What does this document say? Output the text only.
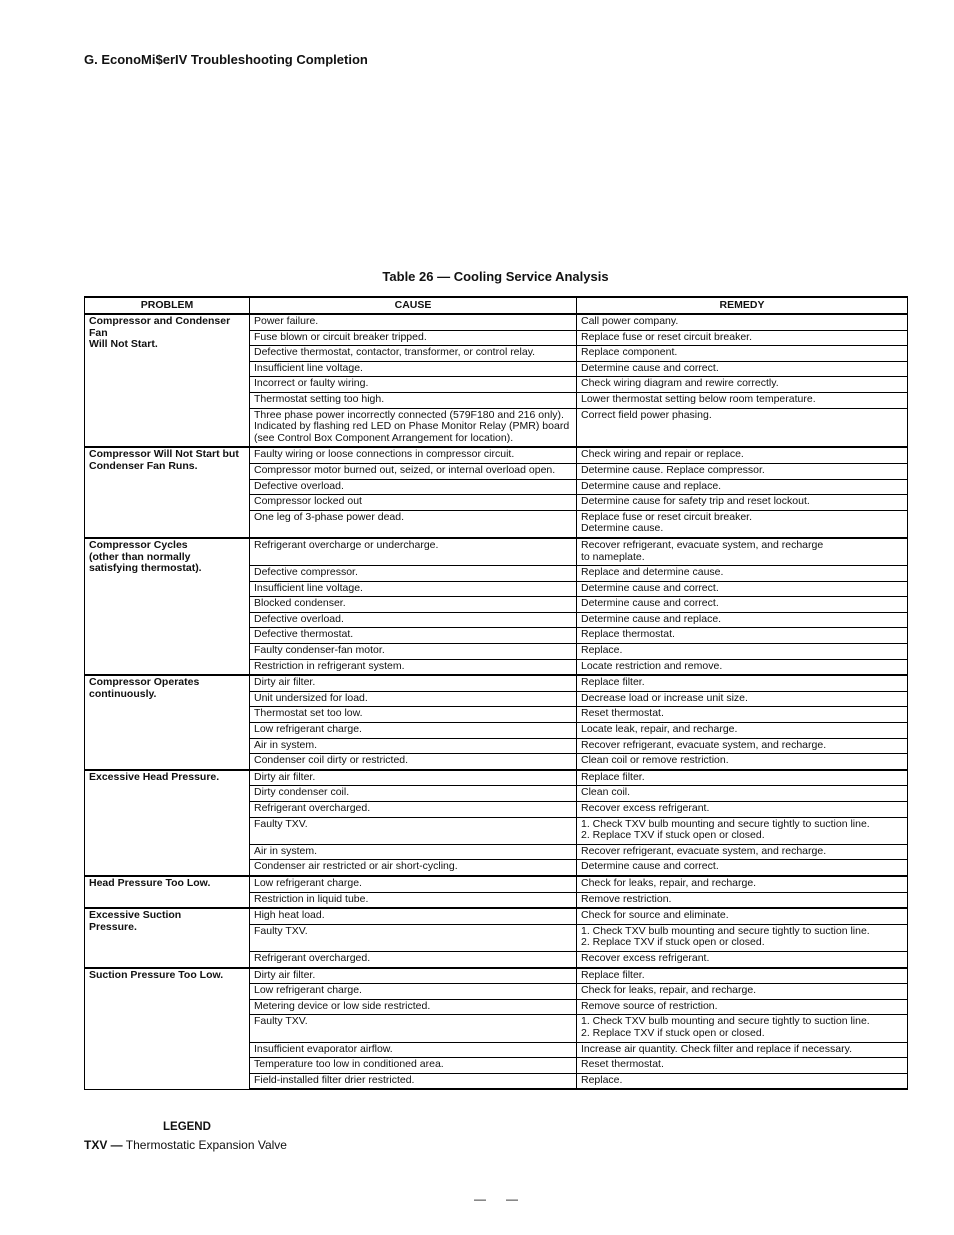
G. EconoMi$erIV Troubleshooting Completion
Table 26 — Cooling Service Analysis
PROBLEM	CAUSE	REMEDY
Compressor and Condenser Fan
Will Not Start.	Power failure.	Call power company.
	Fuse blown or circuit breaker tripped.	Replace fuse or reset circuit breaker.
	Defective thermostat, contactor, transformer, or control relay.	Replace component.
	Insufficient line voltage.	Determine cause and correct.
	Incorrect or faulty wiring.	Check wiring diagram and rewire correctly.
	Thermostat setting too high.	Lower thermostat setting below room temperature.
	Three phase power incorrectly connected (579F180 and 216 only). Indicated by flashing red LED on Phase Monitor Relay (PMR) board (see Control Box Component Arrangement for location).	Correct field power phasing.
Compressor Will Not Start but Condenser Fan Runs.	Faulty wiring or loose connections in compressor circuit.	Check wiring and repair or replace.
	Compressor motor burned out, seized, or internal overload open.	Determine cause. Replace compressor.
	Defective overload.	Determine cause and replace.
	Compressor locked out	Determine cause for safety trip and reset lockout.
	One leg of 3-phase power dead.	Replace fuse or reset circuit breaker.
Determine cause.
Compressor Cycles
(other than normally
satisfying thermostat).	Refrigerant overcharge or undercharge.	Recover refrigerant, evacuate system, and recharge
to nameplate.
	Defective compressor.	Replace and determine cause.
	Insufficient line voltage.	Determine cause and correct.
	Blocked condenser.	Determine cause and correct.
	Defective overload.	Determine cause and replace.
	Defective thermostat.	Replace thermostat.
	Faulty condenser-fan motor.	Replace.
	Restriction in refrigerant system.	Locate restriction and remove.
Compressor Operates continuously.	Dirty air filter.	Replace filter.
	Unit undersized for load.	Decrease load or increase unit size.
	Thermostat set too low.	Reset thermostat.
	Low refrigerant charge.	Locate leak, repair, and recharge.
	Air in system.	Recover refrigerant, evacuate system, and recharge.
	Condenser coil dirty or restricted.	Clean coil or remove restriction.
Excessive Head Pressure.	Dirty air filter.	Replace filter.
	Dirty condenser coil.	Clean coil.
	Refrigerant overcharged.	Recover excess refrigerant.
	Faulty TXV.	1. Check TXV bulb mounting and secure tightly to suction line.
2. Replace TXV if stuck open or closed.
	Air in system.	Recover refrigerant, evacuate system, and recharge.
	Condenser air restricted or air short-cycling.	Determine cause and correct.
Head Pressure Too Low.	Low refrigerant charge.	Check for leaks, repair, and recharge.
	Restriction in liquid tube.	Remove restriction.
Excessive Suction
Pressure.	High heat load.	Check for source and eliminate.
	Faulty TXV.	1. Check TXV bulb mounting and secure tightly to suction line.
2. Replace TXV if stuck open or closed.
	Refrigerant overcharged.	Recover excess refrigerant.
Suction Pressure Too Low.	Dirty air filter.	Replace filter.
	Low refrigerant charge.	Check for leaks, repair, and recharge.
	Metering device or low side restricted.	Remove source of restriction.
	Faulty TXV.	1. Check TXV bulb mounting and secure tightly to suction line.
2. Replace TXV if stuck open or closed.
	Insufficient evaporator airflow.	Increase air quantity. Check filter and replace if necessary.
	Temperature too low in conditioned area.	Reset thermostat.
	Field-installed filter drier restricted.	Replace.
LEGEND
TXV — Thermostatic Expansion Valve
— —
